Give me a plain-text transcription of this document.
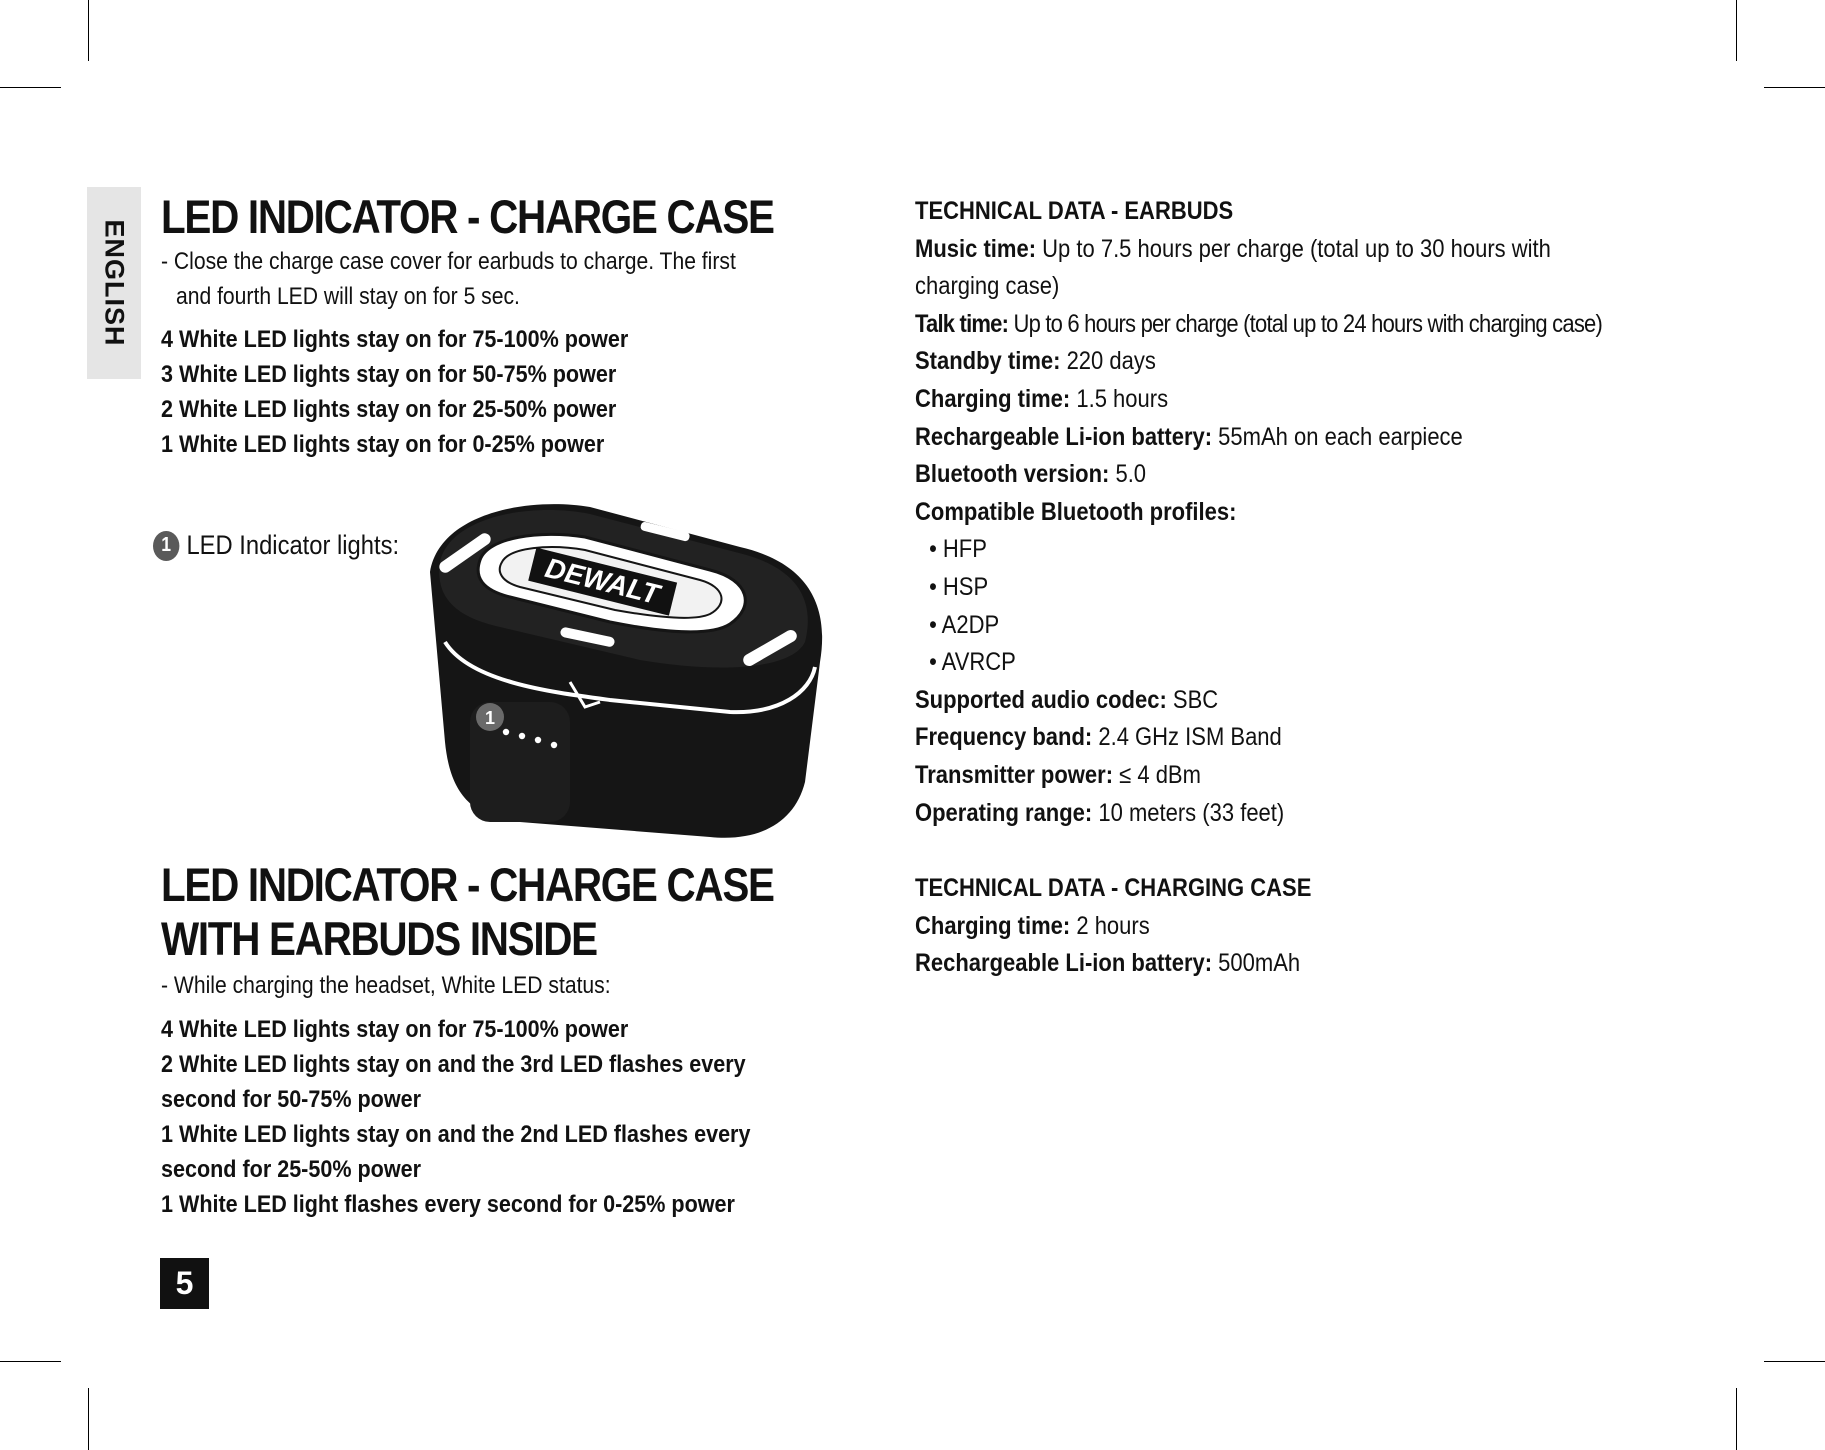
ENGLISH
LED INDICATOR - CHARGE CASE
- Close the charge case cover for earbuds to charge. The first
and fourth LED will stay on for 5 sec.
4 White LED lights stay on for 75-100% power
3 White LED lights stay on for 50-75% power
2 White LED lights stay on for 25-50% power
1 White LED lights stay on for 0-25% power
1 LED Indicator lights:
DEWALT
1
LED INDICATOR - CHARGE CASE
WITH EARBUDS INSIDE
- While charging the headset, White LED status:
4 White LED lights stay on for 75-100% power
2 White LED lights stay on and the 3rd LED flashes every
second for 50-75% power
1 White LED lights stay on and the 2nd LED flashes every
second for 25-50% power
1 White LED light flashes every second for 0-25% power
TECHNICAL DATA - EARBUDS
Music time: Up to 7.5 hours per charge (total up to 30 hours with
charging case)
Talk time: Up to 6 hours per charge (total up to 24 hours with charging case)
Standby time: 220 days
Charging time: 1.5 hours
Rechargeable Li-ion battery: 55mAh on each earpiece
Bluetooth version: 5.0
Compatible Bluetooth profiles:
• HFP
• HSP
• A2DP
• AVRCP
Supported audio codec: SBC
Frequency band: 2.4 GHz ISM Band
Transmitter power: ≤ 4 dBm
Operating range: 10 meters (33 feet)
TECHNICAL DATA - CHARGING CASE
Charging time: 2 hours
Rechargeable Li-ion battery: 500mAh
5
